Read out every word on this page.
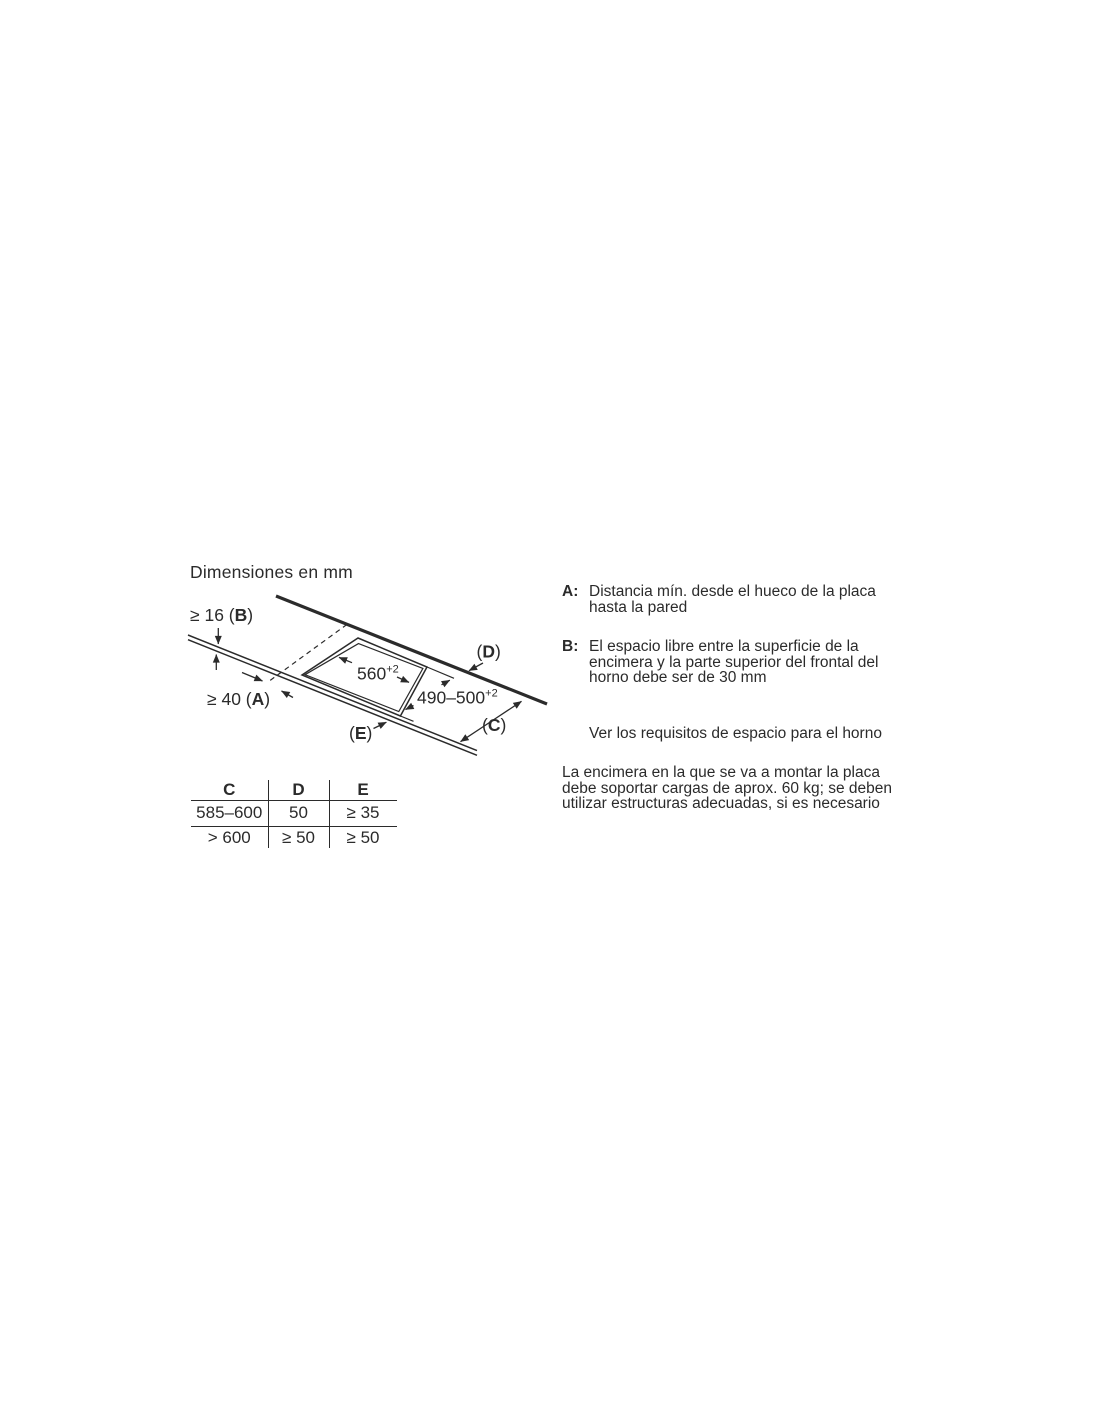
Dimensiones en mm
≥ 16 (B)
≥ 40 (A)
$560^{+2}$
$490-500^{+2}$
(D)
(C)
(E)
C	D	E
585–600	50	≥ 35
> 600	≥ 50	≥ 50
A: Distancia mín. desde el hueco de la placa hasta la pared
B: El espacio libre entre la superficie de la encimera y la parte superior del frontal del horno debe ser de 30 mm
Ver los requisitos de espacio para el horno
La encimera en la que se va a montar la placa debe soportar cargas de aprox. 60 kg; se deben utilizar estructuras adecuadas, si es necesario
